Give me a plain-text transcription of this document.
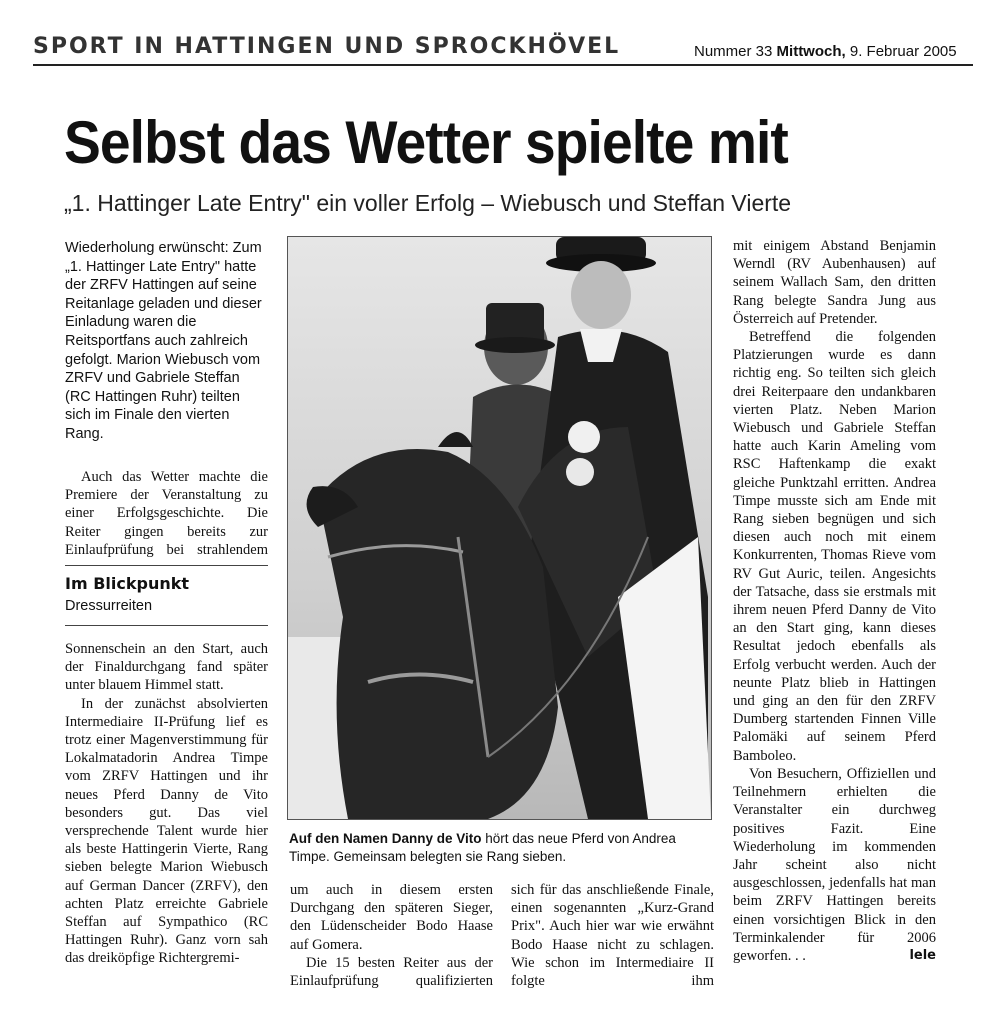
SPORT IN HATTINGEN UND SPROCKHÖVEL	Nummer 33 Mittwoch, 9. Februar 2005
Selbst das Wetter spielte mit
„1. Hattinger Late Entry" ein voller Erfolg – Wiebusch und Steffan Vierte

Wiederholung erwünscht: Zum „1. Hattinger Late Entry" hatte der ZRFV Hattingen auf seine Reitanlage geladen und dieser Einladung waren die Reitsportfans auch zahlreich gefolgt. Marion Wiebusch vom ZRFV und Gabriele Steffan (RC Hattingen Ruhr) teilten sich im Finale den vierten Rang.

Auch das Wetter machte die Premiere der Veranstaltung zu einer Erfolgsgeschichte. Die Reiter gingen bereits zur Einlaufprüfung bei strahlendem

Im Blickpunkt
Dressurreiten

Sonnenschein an den Start, auch der Finaldurchgang fand später unter blauem Himmel statt.

In der zunächst absolvierten Intermediaire II-Prüfung lief es trotz einer Magenverstimmung für Lokalmatadorin Andrea Timpe vom ZRFV Hattingen und ihr neues Pferd Danny de Vito besonders gut. Das viel versprechende Talent wurde hier als beste Hattingerin Vierte, Rang sieben belegte Marion Wiebusch auf German Dancer (ZRFV), den achten Platz erreichte Gabriele Steffan auf Sympathico (RC Hattingen Ruhr). Ganz vorn sah das dreiköpfige Richtergremi-

Auf den Namen Danny de Vito hört das neue Pferd von Andrea Timpe. Gemeinsam belegten sie Rang sieben.

um auch in diesem ersten Durchgang den späteren Sieger, den Lüdenscheider Bodo Haase auf Gomera.

Die 15 besten Reiter aus der Einlaufprüfung qualifizierten

sich für das anschließende Finale, einen sogenannten „Kurz-Grand Prix". Auch hier war wie erwähnt Bodo Haase nicht zu schlagen. Wie schon im Intermediaire II folgte ihm

mit einigem Abstand Benjamin Werndl (RV Aubenhausen) auf seinem Wallach Sam, den dritten Rang belegte Sandra Jung aus Österreich auf Pretender.

Betreffend die folgenden Platzierungen wurde es dann richtig eng. So teilten sich gleich drei Reiterpaare den undankbaren vierten Platz. Neben Marion Wiebusch und Gabriele Steffan hatte auch Karin Ameling vom RSC Haftenkamp die exakt gleiche Punktzahl erritten. Andrea Timpe musste sich am Ende mit Rang sieben begnügen und sich diesen auch noch mit einem Konkurrenten, Thomas Rieve vom RV Gut Auric, teilen. Angesichts der Tatsache, dass sie erstmals mit ihrem neuen Pferd Danny de Vito an den Start ging, kann dieses Resultat jedoch ebenfalls als Erfolg verbucht werden. Auch der neunte Platz blieb in Hattingen und ging an den für den ZRFV Dumberg startenden Finnen Ville Palomäki auf seinem Pferd Bamboleo.

Von Besuchern, Offiziellen und Teilnehmern erhielten die Veranstalter ein durchweg positives Fazit. Eine Wiederholung im kommenden Jahr scheint also nicht ausgeschlossen, jedenfalls hat man beim ZRFV Hattingen bereits einen vorsichtigen Blick in den Terminkalender für 2006 geworfen. . .	lele
